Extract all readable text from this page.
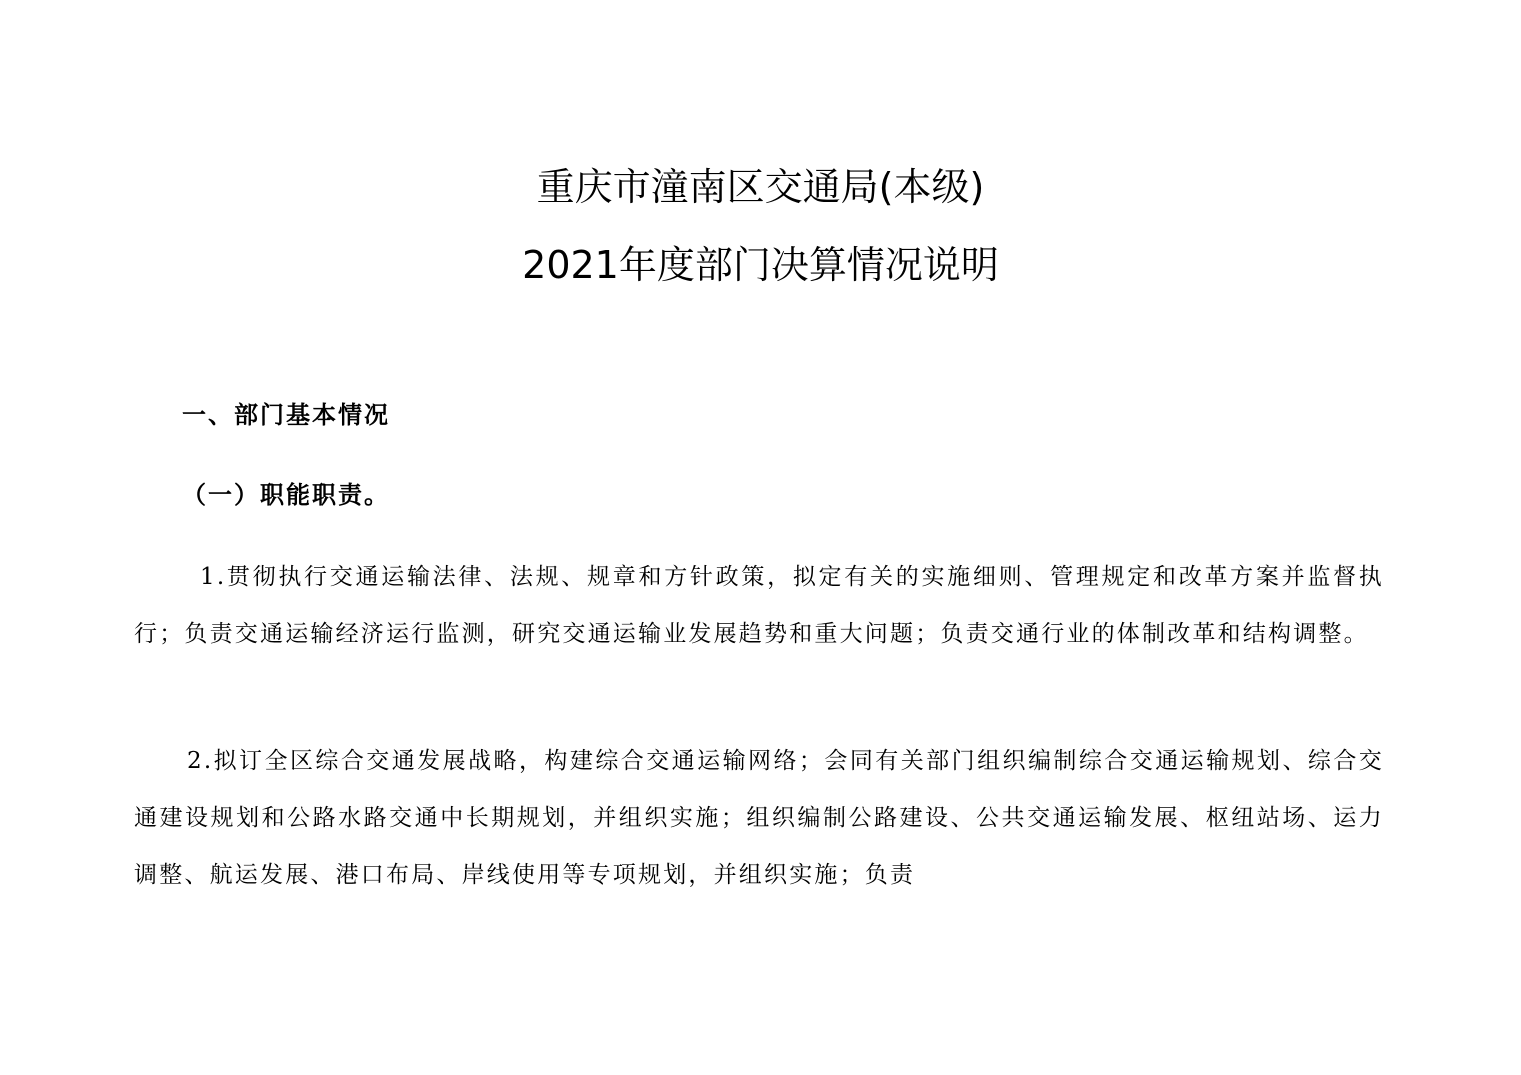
重庆市潼南区交通局(本级)
2021年度部门决算情况说明
一、部门基本情况
（一）职能职责。
1.贯彻执行交通运输法律、法规、规章和方针政策，拟定有关的实施细则、管理规定和改革方案并监督执行；负责交通运输经济运行监测，研究交通运输业发展趋势和重大问题；负责交通行业的体制改革和结构调整。
2.拟订全区综合交通发展战略，构建综合交通运输网络；会同有关部门组织编制综合交通运输规划、综合交通建设规划和公路水路交通中长期规划，并组织实施；组织编制公路建设、公共交通运输发展、枢纽站场、运力调整、航运发展、港口布局、岸线使用等专项规划，并组织实施；负责
